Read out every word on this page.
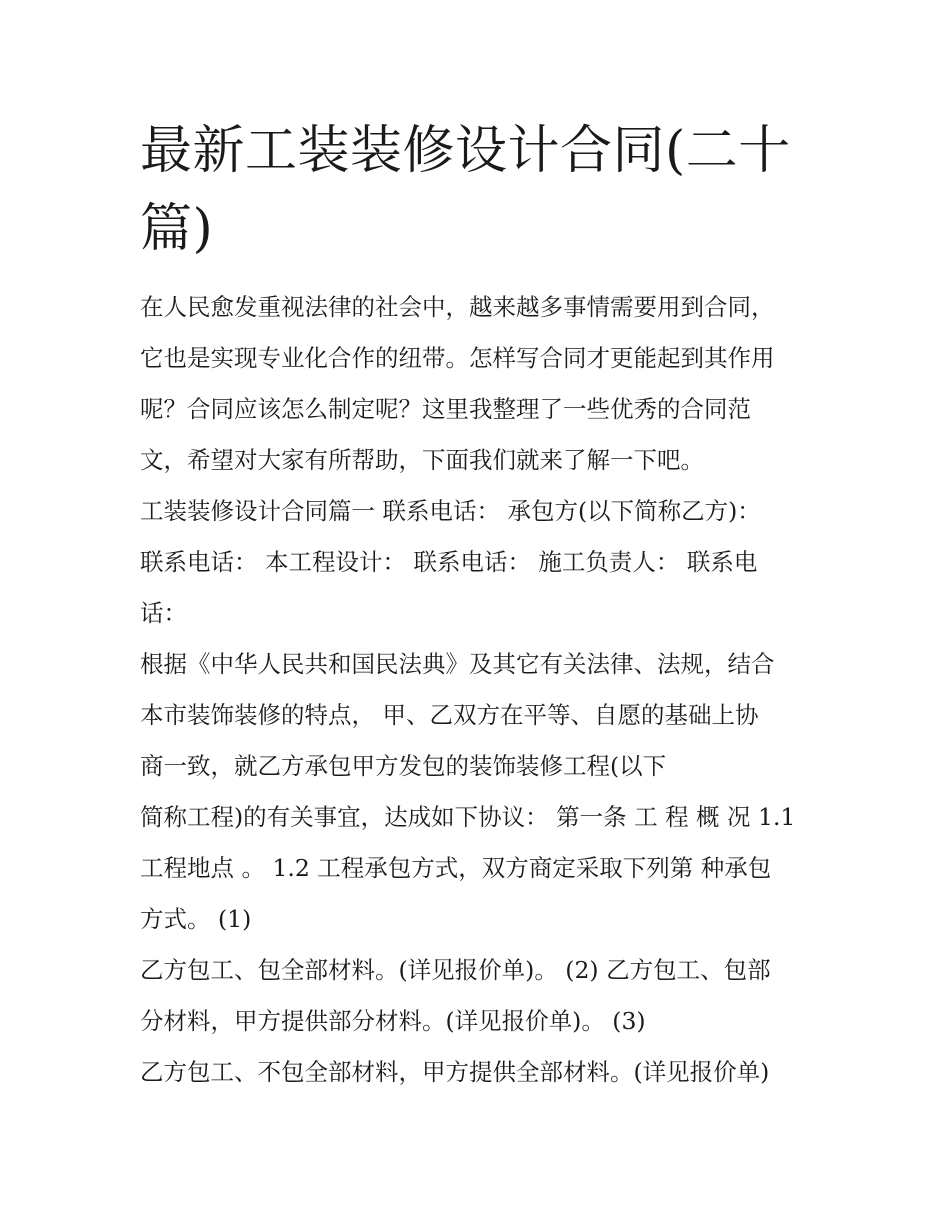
最新工装装修设计合同(二十
篇)
在人民愈发重视法律的社会中，越来越多事情需要用到合同，
它也是实现专业化合作的纽带。怎样写合同才更能起到其作用
呢？合同应该怎么制定呢？这里我整理了一些优秀的合同范
文，希望对大家有所帮助，下面我们就来了解一下吧。
工装装修设计合同篇一 联系电话： 承包方(以下简称乙方)：
联系电话： 本工程设计： 联系电话： 施工负责人： 联系电
话：
根据《中华人民共和国民法典》及其它有关法律、法规，结合
本市装饰装修的特点， 甲、乙双方在平等、自愿的基础上协
商一致，就乙方承包甲方发包的装饰装修工程(以下
简称工程)的有关事宜，达成如下协议： 第一条 工 程 概 况 1.1
工程地点 。 1.2 工程承包方式，双方商定采取下列第 种承包
方式。 (1)
乙方包工、包全部材料。(详见报价单)。 (2) 乙方包工、包部
分材料，甲方提供部分材料。(详见报价单)。 (3)
乙方包工、不包全部材料，甲方提供全部材料。(详见报价单)
